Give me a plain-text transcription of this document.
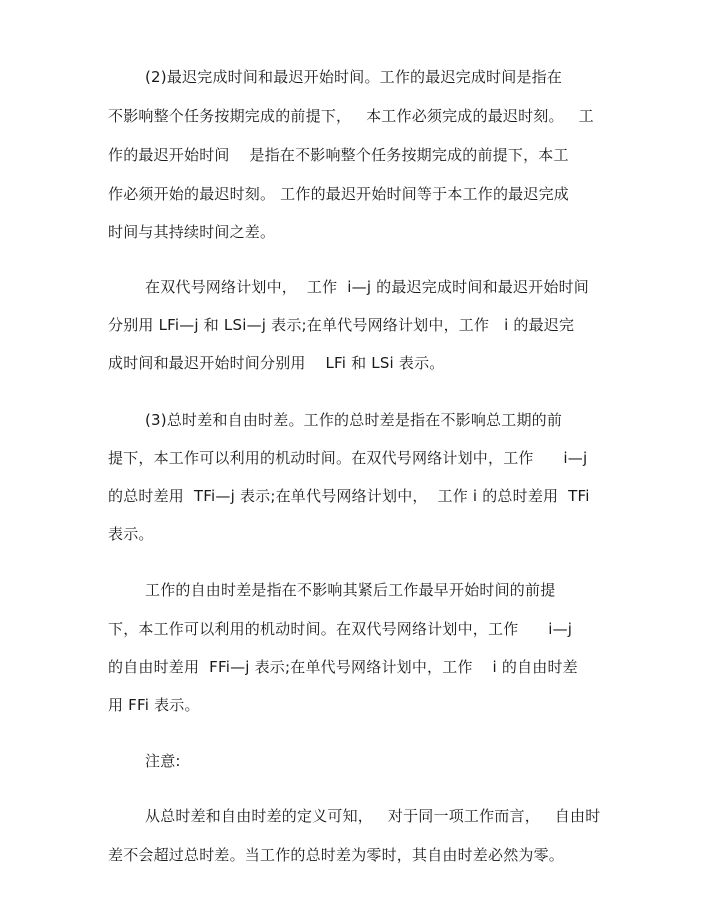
(2)最迟完成时间和最迟开始时间。工作的最迟完成时间是指在
不影响整个任务按期完成的前提下，   本工作必须完成的最迟时刻。   工
作的最迟开始时间    是指在不影响整个任务按期完成的前提下，本工
作必须开始的最迟时刻。 工作的最迟开始时间等于本工作的最迟完成
时间与其持续时间之差。
在双代号网络计划中，  工作  i—j 的最迟完成时间和最迟开始时间
分别用 LFi—j 和 LSi—j 表示;在单代号网络计划中，工作   i 的最迟完
成时间和最迟开始时间分别用    LFi 和 LSi 表示。
(3)总时差和自由时差。工作的总时差是指在不影响总工期的前
提下，本工作可以利用的机动时间。在双代号网络计划中，工作      i—j
的总时差用  TFi—j 表示;在单代号网络计划中，  工作 i 的总时差用  TFi
表示。
工作的自由时差是指在不影响其紧后工作最早开始时间的前提
下，本工作可以利用的机动时间。在双代号网络计划中，工作      i—j
的自由时差用  FFi—j 表示;在单代号网络计划中，工作    i 的自由时差
用 FFi 表示。
注意:
从总时差和自由时差的定义可知，   对于同一项工作而言，   自由时
差不会超过总时差。当工作的总时差为零时，其自由时差必然为零。
